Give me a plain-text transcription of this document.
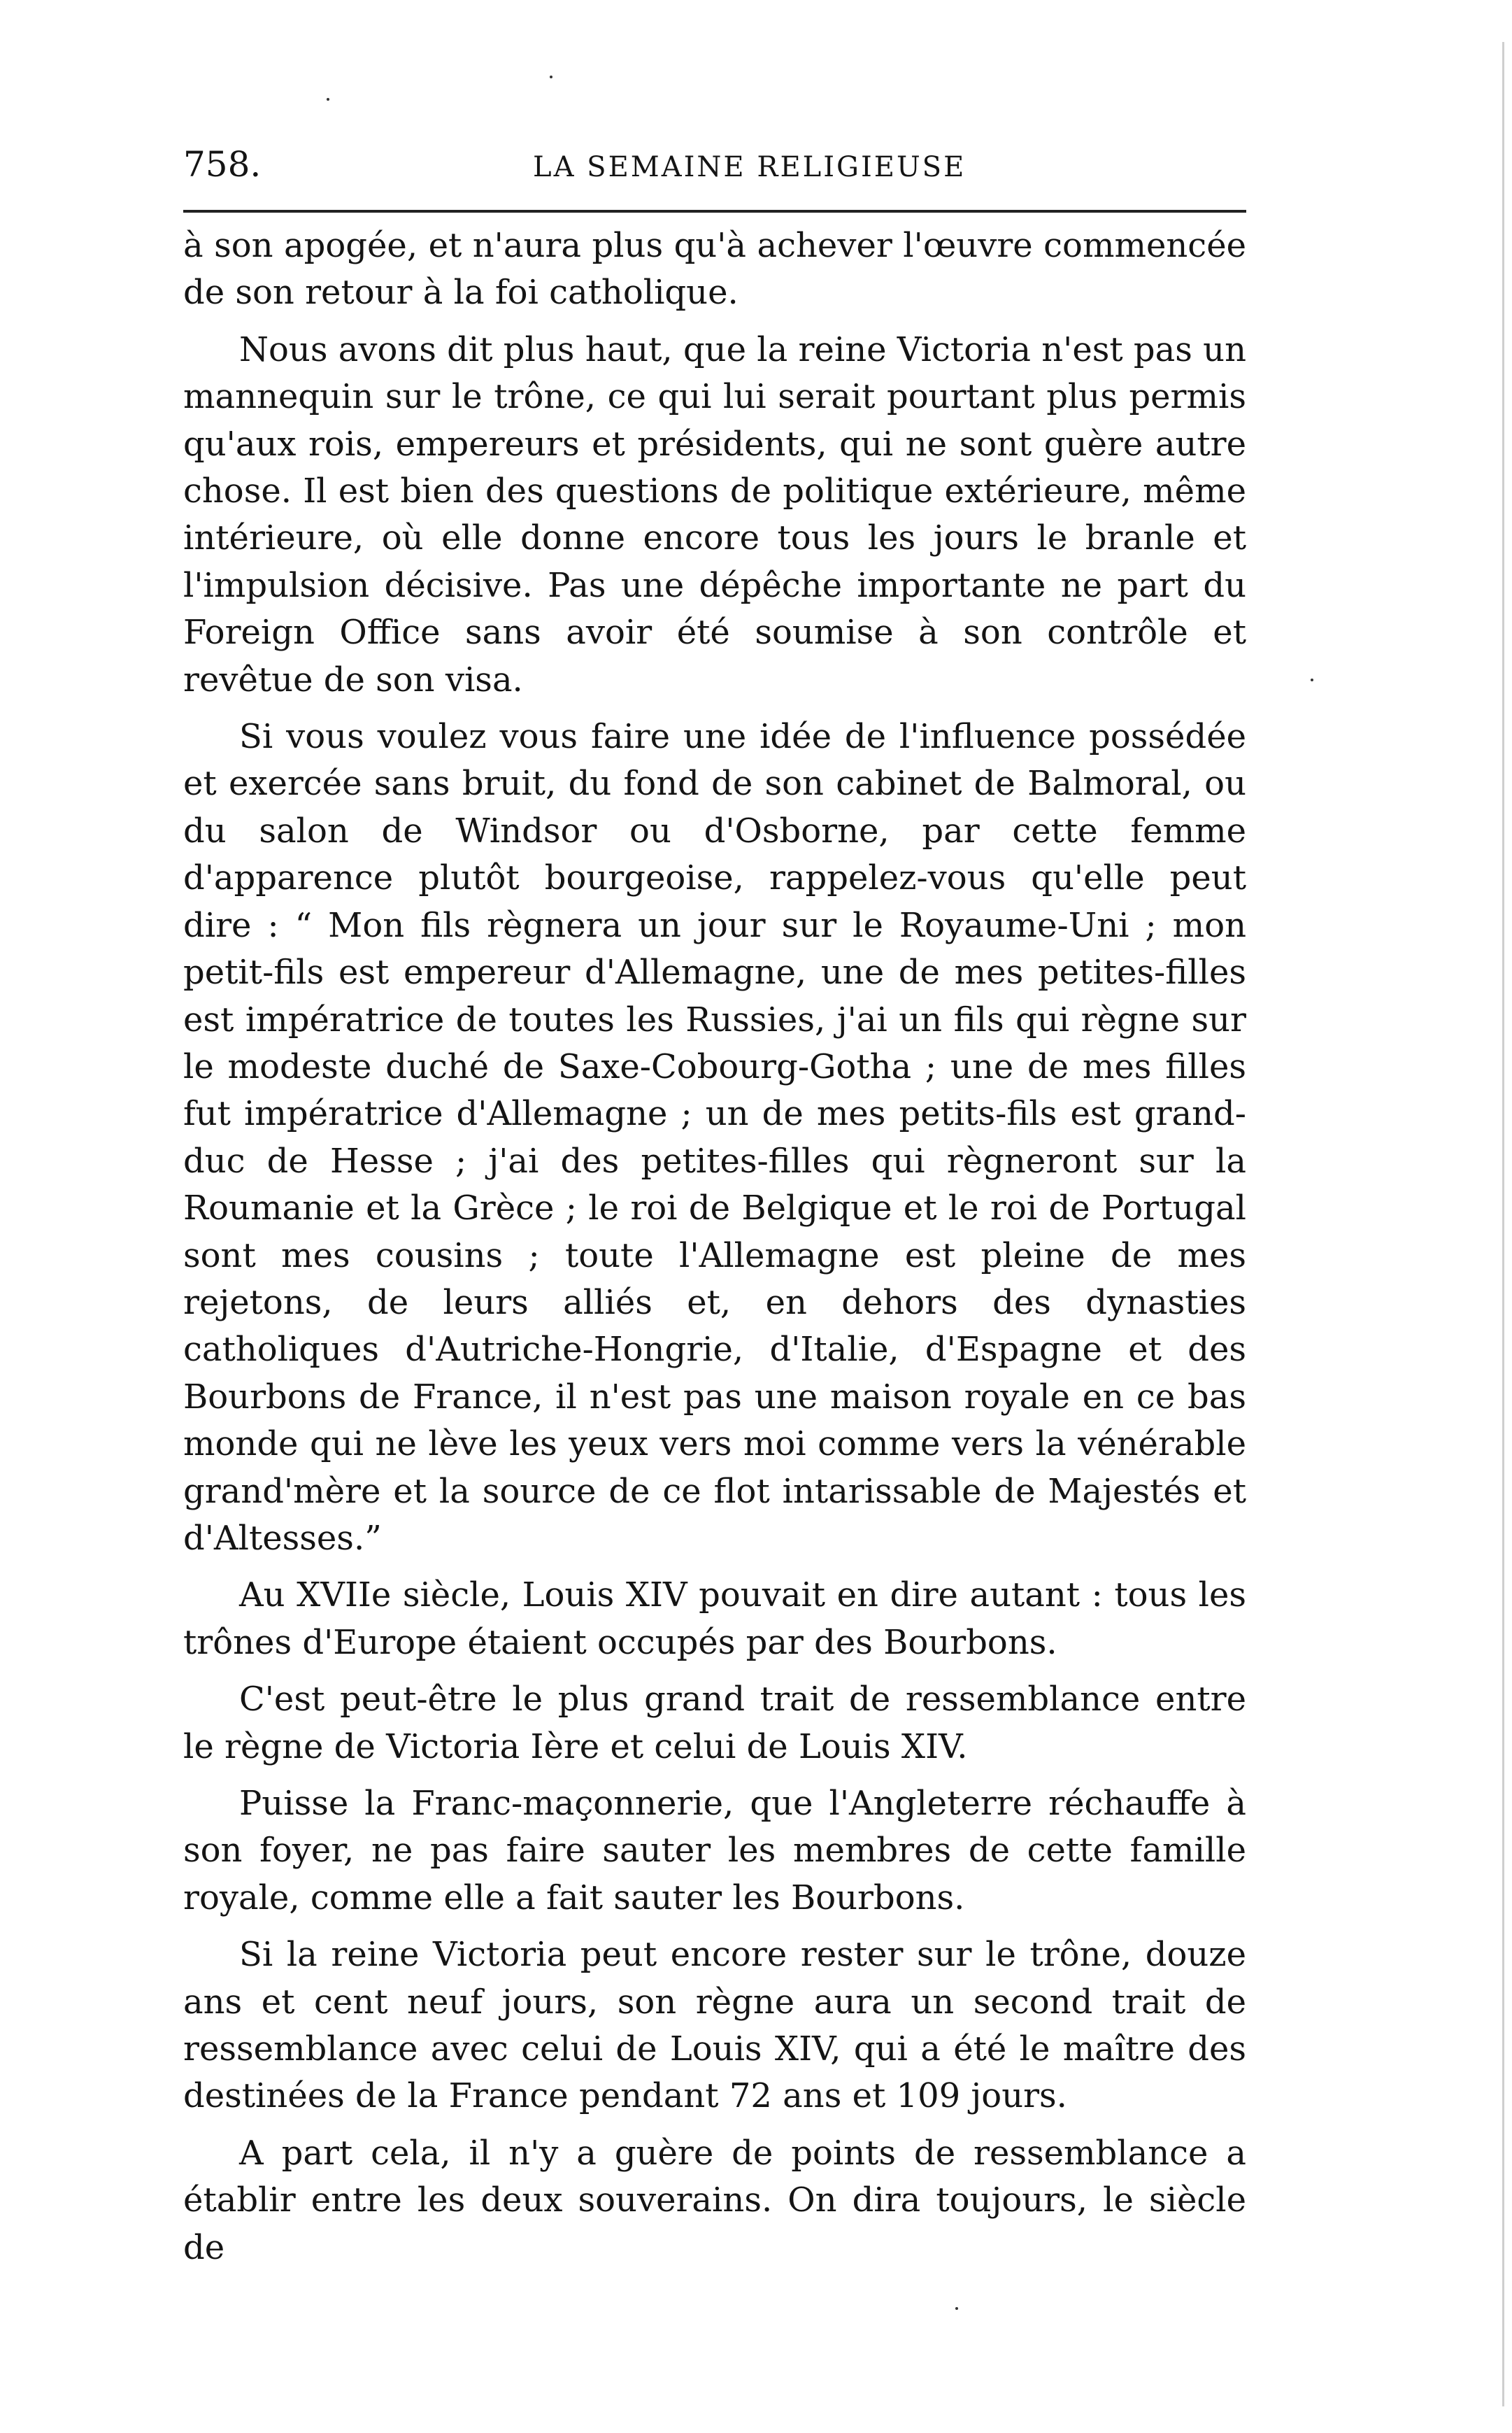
758.	LA SEMAINE RELIGIEUSE

à son apogée, et n'aura plus qu'à achever l'œuvre commencée de son retour à la foi catholique.

Nous avons dit plus haut, que la reine Victoria n'est pas un mannequin sur le trône, ce qui lui serait pourtant plus permis qu'aux rois, empereurs et présidents, qui ne sont guère autre chose. Il est bien des questions de politique extérieure, même intérieure, où elle donne encore tous les jours le branle et l'impulsion décisive. Pas une dépêche importante ne part du Foreign Office sans avoir été soumise à son contrôle et revêtue de son visa.

Si vous voulez vous faire une idée de l'influence possédée et exercée sans bruit, du fond de son cabinet de Balmoral, ou du salon de Windsor ou d'Osborne, par cette femme d'apparence plutôt bourgeoise, rappelez-vous qu'elle peut dire : “ Mon fils règnera un jour sur le Royaume-Uni ; mon petit-fils est empereur d'Allemagne, une de mes petites-filles est impératrice de toutes les Russies, j'ai un fils qui règne sur le modeste duché de Saxe-Cobourg-Gotha ; une de mes filles fut impératrice d'Allemagne ; un de mes petits-fils est grand-duc de Hesse ; j'ai des petites-filles qui règneront sur la Roumanie et la Grèce ; le roi de Belgique et le roi de Portugal sont mes cousins ; toute l'Allemagne est pleine de mes rejetons, de leurs alliés et, en dehors des dynasties catholiques d'Autriche-Hongrie, d'Italie, d'Espagne et des Bourbons de France, il n'est pas une maison royale en ce bas monde qui ne lève les yeux vers moi comme vers la vénérable grand'mère et la source de ce flot intarissable de Majestés et d'Altesses.”

Au XVIIe siècle, Louis XIV pouvait en dire autant : tous les trônes d'Europe étaient occupés par des Bourbons.

C'est peut-être le plus grand trait de ressemblance entre le règne de Victoria Ière et celui de Louis XIV.

Puisse la Franc-maçonnerie, que l'Angleterre réchauffe à son foyer, ne pas faire sauter les membres de cette famille royale, comme elle a fait sauter les Bourbons.

Si la reine Victoria peut encore rester sur le trône, douze ans et cent neuf jours, son règne aura un second trait de ressemblance avec celui de Louis XIV, qui a été le maître des destinées de la France pendant 72 ans et 109 jours.

A part cela, il n'y a guère de points de ressemblance a établir entre les deux souverains. On dira toujours, le siècle de
